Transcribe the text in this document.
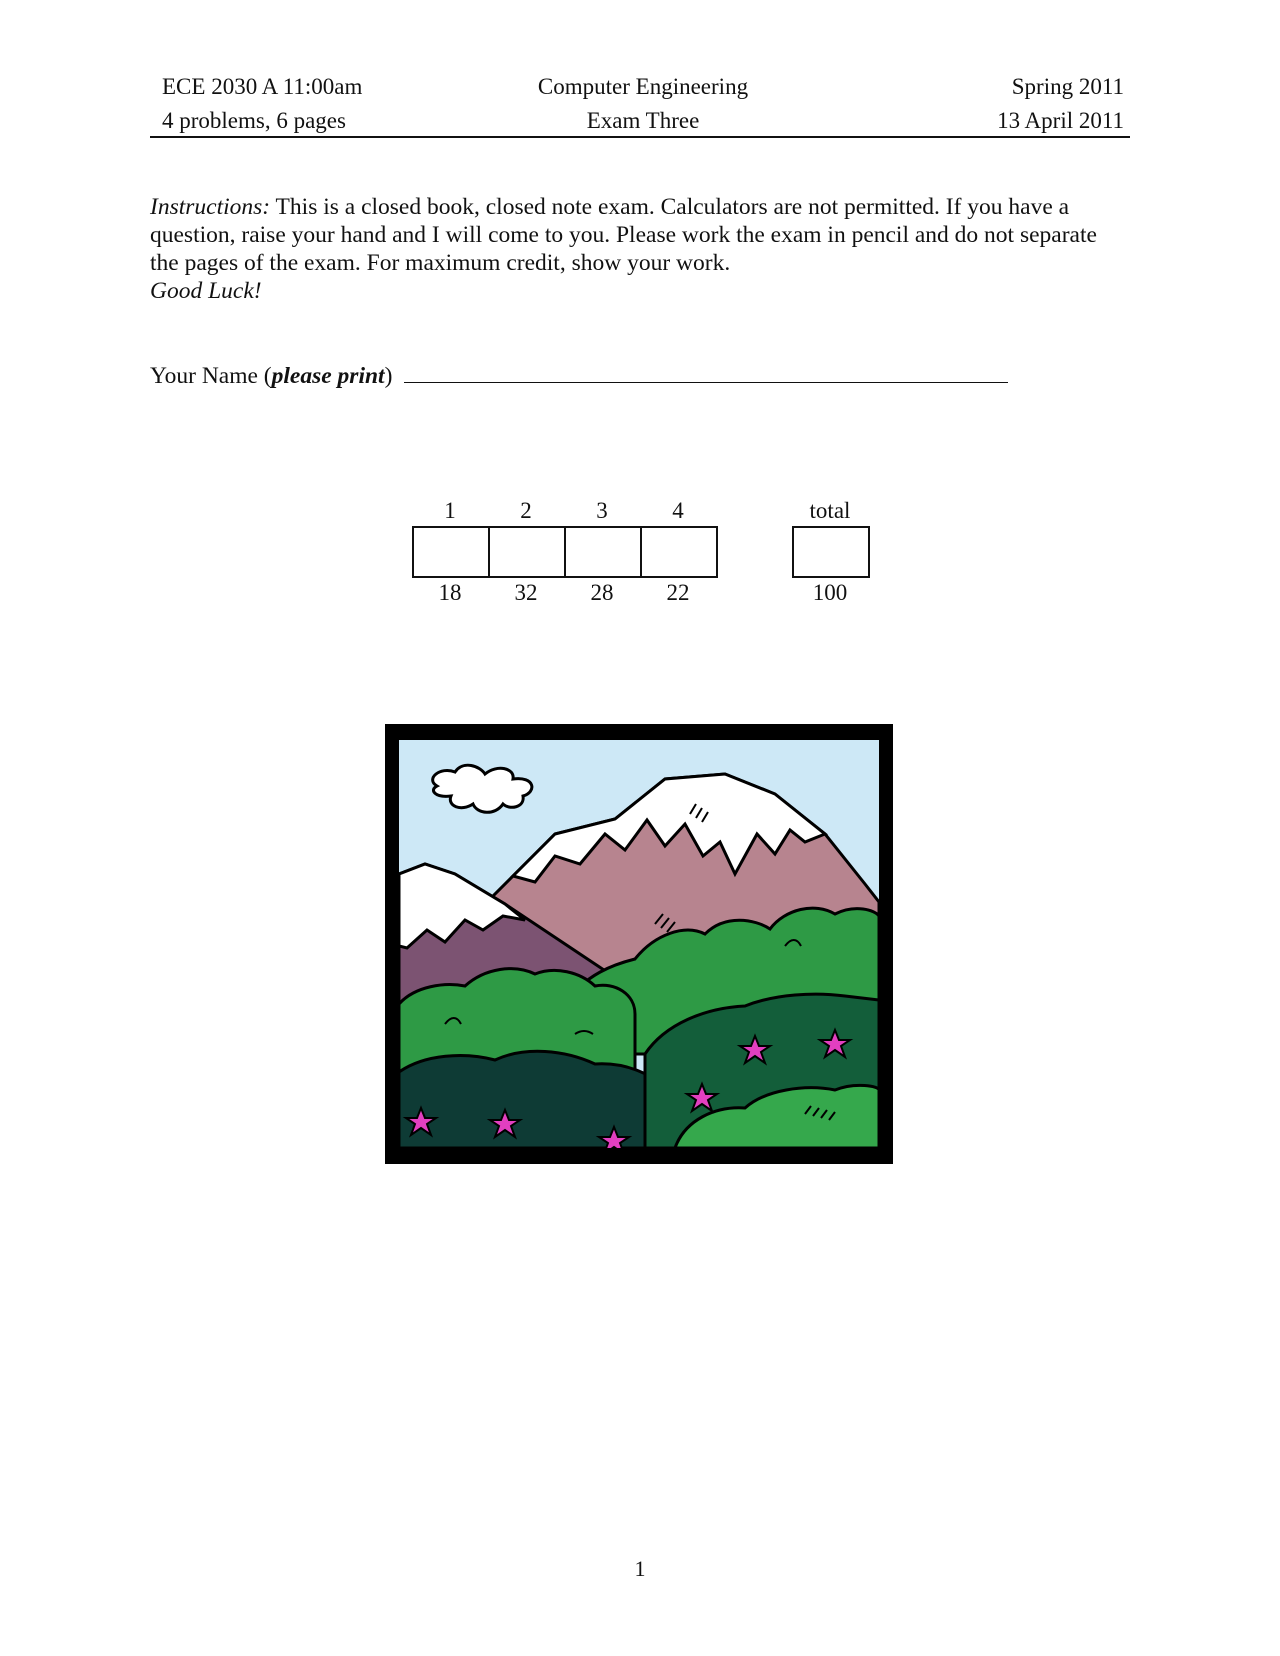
ECE 2030 A 11:00am	Computer Engineering	Spring 2011
4 problems, 6 pages	Exam Three	13 April 2011
Instructions: This is a closed book, closed note exam. Calculators are not permitted. If you have a question, raise your hand and I will come to you. Please work the exam in pencil and do not separate the pages of the exam. For maximum credit, show your work.
Good Luck!
Your Name (please print)
1	2	3	4	total
18	32	28	22	100
1
